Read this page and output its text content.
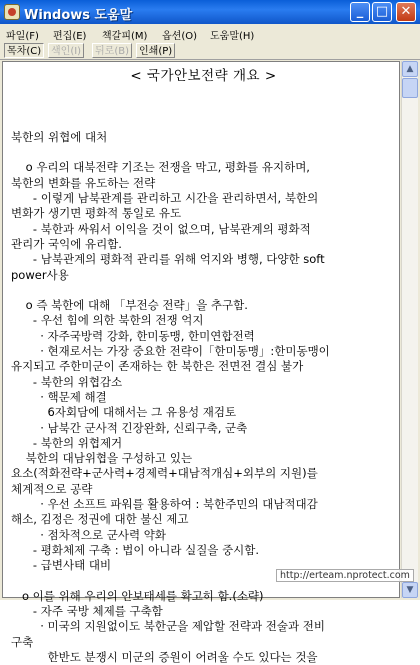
Windows 도움말	_ □ ✕
파일(F) 편집(E) 책갈피(M) 옵션(O) 도움말(H)
목차(C) 색인(I)	뒤로(B)	인쇄(P)
< 국가안보전략 개요 >
북한의 위협에 대처
o 우리의 대북전략 기조는 전쟁을 막고, 평화를 유지하며,
북한의 변화를 유도하는 전략
- 이렇게 남북관계를 관리하고 시간을 관리하면서, 북한의
변화가 생기면 평화적 통일로 유도
- 북한과 싸워서 이익을 것이 없으며, 남북관계의 평화적
관리가 국익에 유리함.
- 남북관계의 평화적 관리를 위해 억지와 병행, 다양한 soft
power사용
o 즉 북한에 대해 「부전승 전략」을 추구함.
- 우선 힘에 의한 북한의 전쟁 억지
· 자주국방력 강화, 한미동맹, 한미연합전력
· 현재로서는 가장 중요한 전략이「한미동맹」:한미동맹이
유지되고 주한미군이 존재하는 한 북한은 전면전 결심 불가
- 북한의 위협감소
· 핵문제 해결
6자회담에 대해서는 그 유용성 재검토
· 남북간 군사적 긴장완화, 신뢰구축, 군축
- 북한의 위협제거
북한의 대남위협을 구성하고 있는
요소(적화전략+군사력+경제력+대남적개심+외부의 지원)를
체계적으로 공략
· 우선 소프트 파워를 활용하여 : 북한주민의 대남적대감
해소, 김정은 정권에 대한 불신 제고
· 점차적으로 군사력 약화
- 평화체제 구축 : 법이 아니라 실질을 중시함.
- 급변사태 대비
o 이를 위해 우리의 안보태세를 확고히 함.(소략)
- 자주 국방 체제를 구축함
· 미국의 지원없이도 북한군을 제압할 전략과 전술과 전비
구축
한반도 분쟁시 미군의 증원이 어려울 수도 있다는 것을
▲
▼
http://erteam.nprotect.com
